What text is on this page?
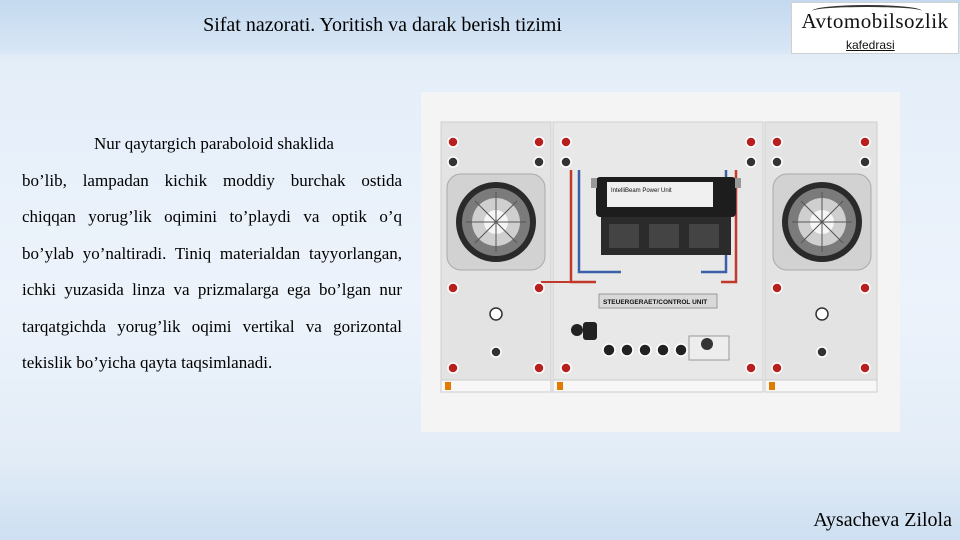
Sifat nazorati. Yoritish va darak berish tizimi	Avtomobilsozlik
kafedrasi
Nur qaytargich paraboloid shaklida
bo’lib, lampadan kichik moddiy burchak ostida chiqqan yorug’lik oqimini to’playdi va optik o’q bo’ylab yo’naltiradi. Tiniq materialdan tayyorlangan, ichki yuzasida linza va prizmalarga ega bo’lgan nur tarqatgichda yorug’lik oqimi vertikal va gorizontal tekislik bo’yicha qayta taqsimlanadi.
IntelliBeam Power Unit
STEUERGERAET/CONTROL UNIT
Aysacheva Zilola
